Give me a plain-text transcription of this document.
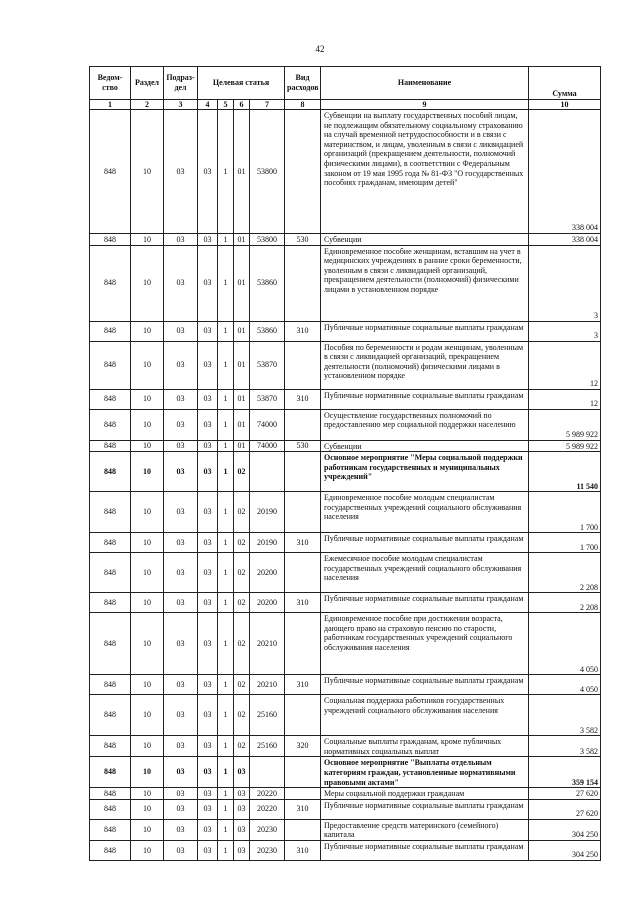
42
Ведом-ство	Раздел	Подраз-дел	Целевая статья				Вид расходов	Наименование	Сумма
1	2	3	4	5	6	7	8	9	10
848	10	03	03	1	01	53800		Субвенции на выплату государственных пособий лицам, не подлежащим обязательному социальному страхованию на случай временной нетрудоспособности и в связи с материнством, и лицам, уволенным в связи с ликвидацией организаций (прекращением деятельности, полномочий физическими лицами), в соответствии с Федеральным законом от 19 мая 1995 года № 81-ФЗ "О государственных пособиях гражданам, имеющим детей"	338 004
848	10	03	03	1	01	53800	530	Субвенции	338 004
848	10	03	03	1	01	53860		Единовременное пособие женщинам, вставшим на учет в медицинских учреждениях в ранние сроки беременности, уволенным в связи с ликвидацией организаций, прекращением деятельности (полномочий) физическими лицами в установленном порядке	3
848	10	03	03	1	01	53860	310	Публичные нормативные социальные выплаты гражданам	3
848	10	03	03	1	01	53870		Пособия по беременности и родам женщинам, уволенным в связи с ликвидацией организаций, прекращением деятельности (полномочий) физическими лицами в установленном порядке	12
848	10	03	03	1	01	53870	310	Публичные нормативные социальные выплаты гражданам	12
848	10	03	03	1	01	74000		Осуществление государственных полномочий по предоставлению мер социальной поддержки населению	5 989 922
848	10	03	03	1	01	74000	530	Субвенции	5 989 922
848	10	03	03	1	02			Основное мероприятие "Меры социальной поддержки работникам государственных и муниципальных учреждений"	11 540
848	10	03	03	1	02	20190		Единовременное пособие молодым специалистам государственных учреждений социального обслуживания населения	1 700
848	10	03	03	1	02	20190	310	Публичные нормативные социальные выплаты гражданам	1 700
848	10	03	03	1	02	20200		Ежемесячное пособие молодым специалистам государственных учреждений социального обслуживания населения	2 208
848	10	03	03	1	02	20200	310	Публичные нормативные социальные выплаты гражданам	2 208
848	10	03	03	1	02	20210		Единовременное пособие при достижении возраста, дающего право на страховую пенсию по старости, работникам государственных учреждений социального обслуживания населения	4 050
848	10	03	03	1	02	20210	310	Публичные нормативные социальные выплаты гражданам	4 050
848	10	03	03	1	02	25160		Социальная поддержка работников государственных учреждений социального обслуживания населения	3 582
848	10	03	03	1	02	25160	320	Социальные выплаты гражданам, кроме публичных нормативных социальных выплат	3 582
848	10	03	03	1	03			Основное мероприятие "Выплаты отдельным категориям граждан, установленные нормативными правовыми актами"	359 154
848	10	03	03	1	03	20220		Меры социальной поддержки гражданам	27 620
848	10	03	03	1	03	20220	310	Публичные нормативные социальные выплаты гражданам	27 620
848	10	03	03	1	03	20230		Предоставление средств материнского (семейного) капитала	304 250
848	10	03	03	1	03	20230	310	Публичные нормативные социальные выплаты гражданам	304 250
